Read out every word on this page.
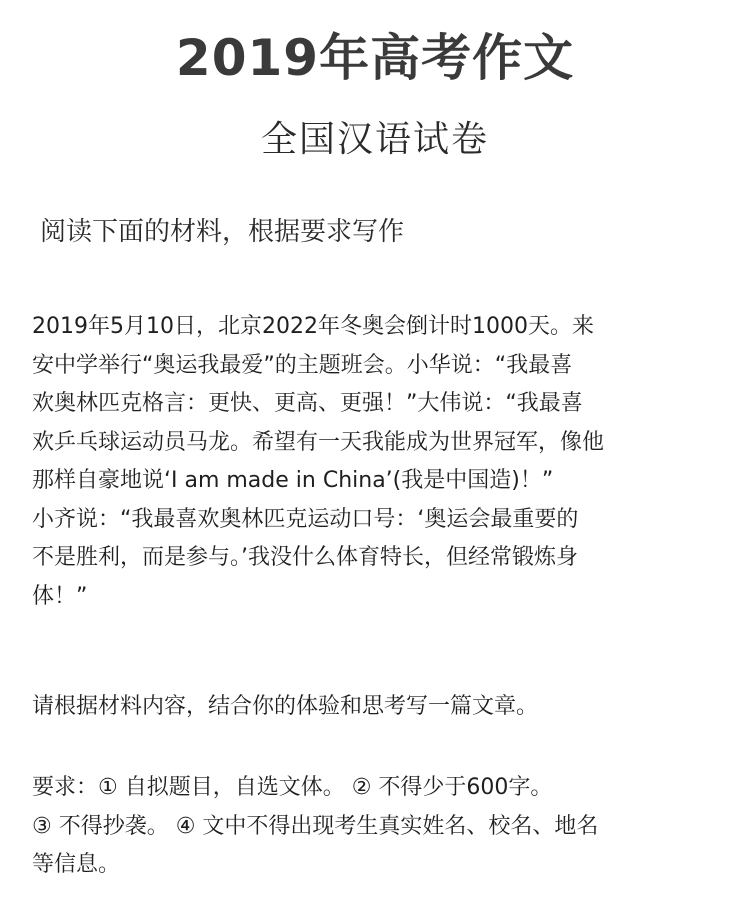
2019年高考作文
全国汉语试卷
阅读下面的材料，根据要求写作
2019年5月10日，北京2022年冬奥会倒计时1000天。来
安中学举行“奥运我最爱”的主题班会。小华说：“我最喜
欢奥林匹克格言：更快、更高、更强！”大伟说：“我最喜
欢乒乓球运动员马龙。希望有一天我能成为世界冠军，像他
那样自豪地说‘I am made in China’(我是中国造)！”
小齐说：“我最喜欢奥林匹克运动口号：‘奥运会最重要的
不是胜利，而是参与。’我没什么体育特长，但经常锻炼身
体！”
请根据材料内容，结合你的体验和思考写一篇文章。
要求：① 自拟题目，自选文体。 ② 不得少于600字。
③ 不得抄袭。 ④ 文中不得出现考生真实姓名、校名、地名
等信息。
